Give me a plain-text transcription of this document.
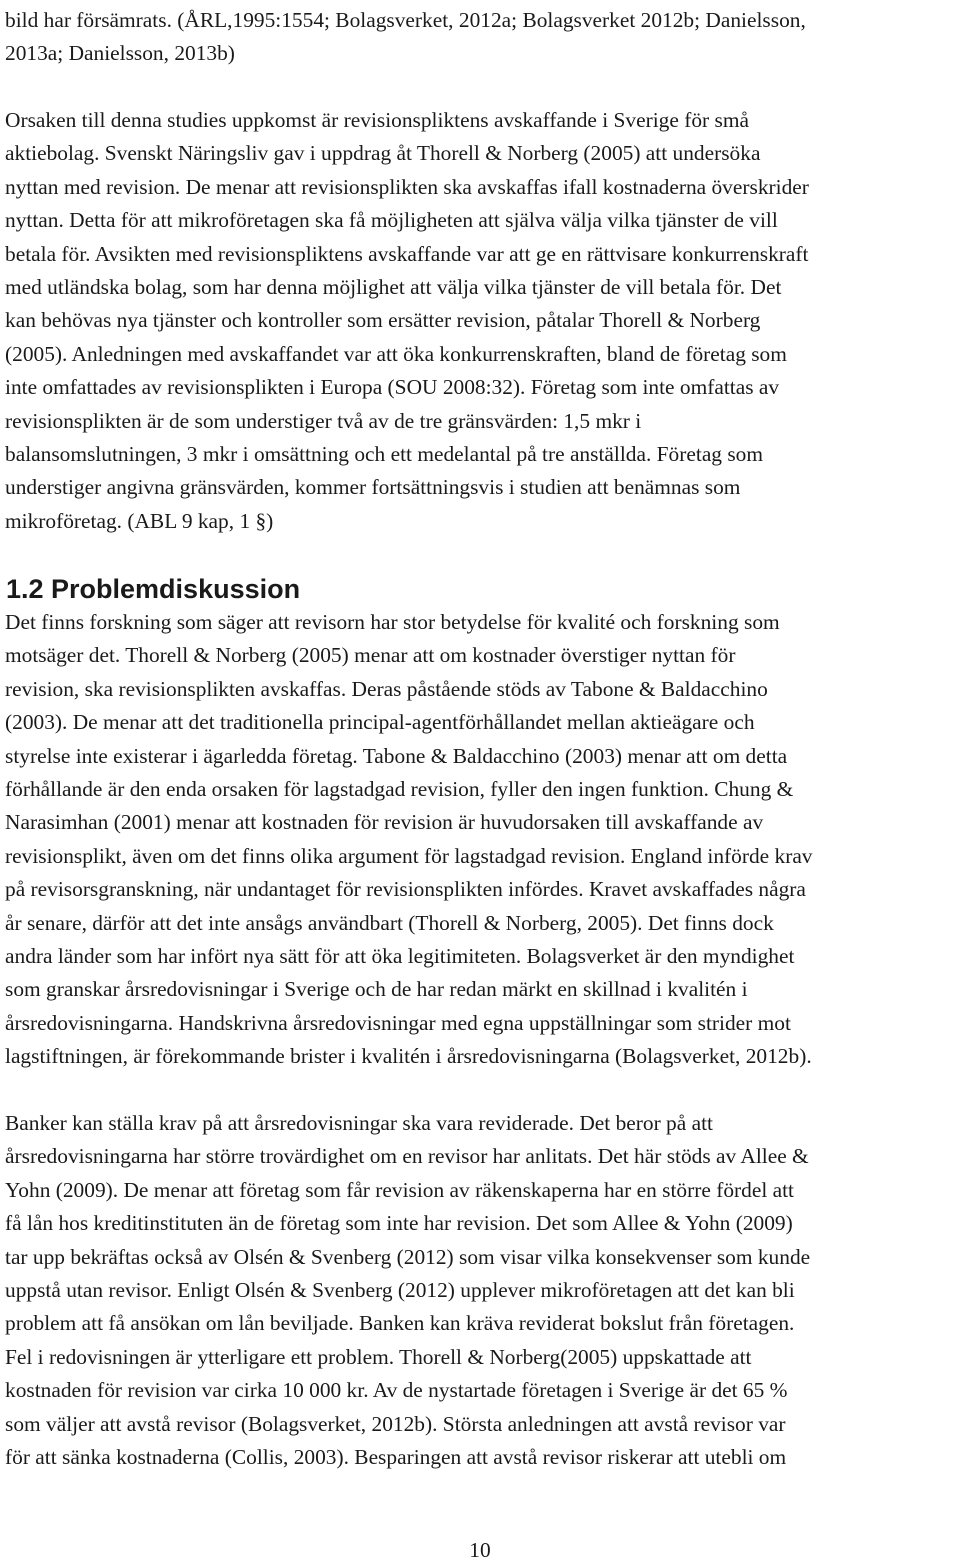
bild har försämrats. (ÅRL,1995:1554; Bolagsverket, 2012a; Bolagsverket 2012b; Danielsson,
2013a; Danielsson, 2013b)
Orsaken till denna studies uppkomst är revisionspliktens avskaffande i Sverige för små
aktiebolag. Svenskt Näringsliv gav i uppdrag åt Thorell & Norberg (2005) att undersöka
nyttan med revision. De menar att revisionsplikten ska avskaffas ifall kostnaderna överskrider
nyttan. Detta för att mikroföretagen ska få möjligheten att själva välja vilka tjänster de vill
betala för. Avsikten med revisionspliktens avskaffande var att ge en rättvisare konkurrenskraft
med utländska bolag, som har denna möjlighet att välja vilka tjänster de vill betala för. Det
kan behövas nya tjänster och kontroller som ersätter revision, påtalar Thorell & Norberg
(2005). Anledningen med avskaffandet var att öka konkurrenskraften, bland de företag som
inte omfattades av revisionsplikten i Europa (SOU 2008:32). Företag som inte omfattas av
revisionsplikten är de som understiger två av de tre gränsvärden: 1,5 mkr i
balansomslutningen, 3 mkr i omsättning och ett medelantal på tre anställda. Företag som
understiger angivna gränsvärden, kommer fortsättningsvis i studien att benämnas som
mikroföretag. (ABL 9 kap, 1 §)
1.2 Problemdiskussion
Det finns forskning som säger att revisorn har stor betydelse för kvalité och forskning som
motsäger det. Thorell & Norberg (2005) menar att om kostnader överstiger nyttan för
revision, ska revisionsplikten avskaffas. Deras påstående stöds av Tabone & Baldacchino
(2003). De menar att det traditionella principal-agentförhållandet mellan aktieägare och
styrelse inte existerar i ägarledda företag. Tabone & Baldacchino (2003) menar att om detta
förhållande är den enda orsaken för lagstadgad revision, fyller den ingen funktion. Chung &
Narasimhan (2001) menar att kostnaden för revision är huvudorsaken till avskaffande av
revisionsplikt, även om det finns olika argument för lagstadgad revision. England införde krav
på revisorsgranskning, när undantaget för revisionsplikten infördes. Kravet avskaffades några
år senare, därför att det inte ansågs användbart (Thorell & Norberg, 2005). Det finns dock
andra länder som har infört nya sätt för att öka legitimiteten. Bolagsverket är den myndighet
som granskar årsredovisningar i Sverige och de har redan märkt en skillnad i kvalitén i
årsredovisningarna. Handskrivna årsredovisningar med egna uppställningar som strider mot
lagstiftningen, är förekommande brister i kvalitén i årsredovisningarna (Bolagsverket, 2012b).
Banker kan ställa krav på att årsredovisningar ska vara reviderade. Det beror på att
årsredovisningarna har större trovärdighet om en revisor har anlitats. Det här stöds av Allee &
Yohn (2009). De menar att företag som får revision av räkenskaperna har en större fördel att
få lån hos kreditinstituten än de företag som inte har revision. Det som Allee & Yohn (2009)
tar upp bekräftas också av Olsén & Svenberg (2012) som visar vilka konsekvenser som kunde
uppstå utan revisor. Enligt Olsén & Svenberg (2012) upplever mikroföretagen att det kan bli
problem att få ansökan om lån beviljade. Banken kan kräva reviderat bokslut från företagen.
Fel i redovisningen är ytterligare ett problem. Thorell & Norberg(2005) uppskattade att
kostnaden för revision var cirka 10 000 kr. Av de nystartade företagen i Sverige är det 65 %
som väljer att avstå revisor (Bolagsverket, 2012b). Största anledningen att avstå revisor var
för att sänka kostnaderna (Collis, 2003). Besparingen att avstå revisor riskerar att utebli om
10
